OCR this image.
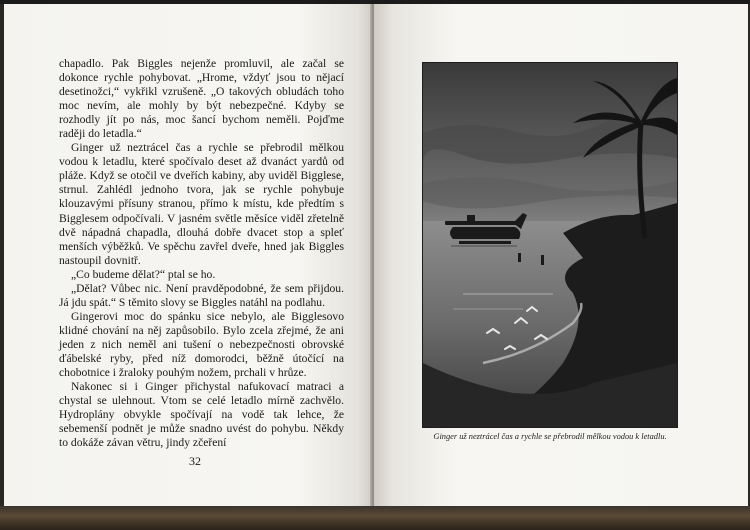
chapadlo. Pak Biggles nejenže promluvil, ale začal se dokonce rychle pohybovat. „Hrome, vždyť jsou to nějací desetinožci,“ vykřikl vzrušeně. „O takových obludách toho moc nevím, ale mohly by být nebezpečné. Kdyby se rozhodly jít po nás, moc šancí bychom neměli. Pojďme raději do letadla.“

Ginger už neztrácel čas a rychle se přebrodil mělkou vodou k letadlu, které spočívalo deset až dvanáct yardů od pláže. Když se otočil ve dveřích kabiny, aby uviděl Bigglese, strnul. Zahlédl jednoho tvora, jak se rychle pohybuje klouzavými přísuny stranou, přímo k místu, kde předtím s Bigglesem odpočívali. V jasném světle měsíce viděl zřetelně dvě nápadná chapadla, dlouhá dobře dvacet stop a spleť menších výběžků. Ve spěchu zavřel dveře, hned jak Biggles nastoupil dovnitř.

„Co budeme dělat?“ ptal se ho.

„Dělat? Vůbec nic. Není pravděpodobné, že sem přijdou. Já jdu spát.“ S těmito slovy se Biggles natáhl na podlahu.

Gingerovi moc do spánku sice nebylo, ale Bigglesovo klidné chování na něj zapůsobilo. Bylo zcela zřejmé, že ani jeden z nich neměl ani tušení o nebezpečnosti obrovské ďábelské ryby, před níž domorodci, běžně útočící na chobotnice i žraloky pouhým nožem, prchali v hrůze.

Nakonec si i Ginger přichystal nafukovací matraci a chystal se ulehnout. Vtom se celé letadlo mírně zachvělo. Hydroplány obvykle spočívají na vodě tak lehce, že sebemenší podnět je může snadno uvést do pohybu. Někdy to dokáže závan větru, jindy zčeření

32
Ginger už neztrácel čas a rychle se přebrodil mělkou vodou k letadlu.
